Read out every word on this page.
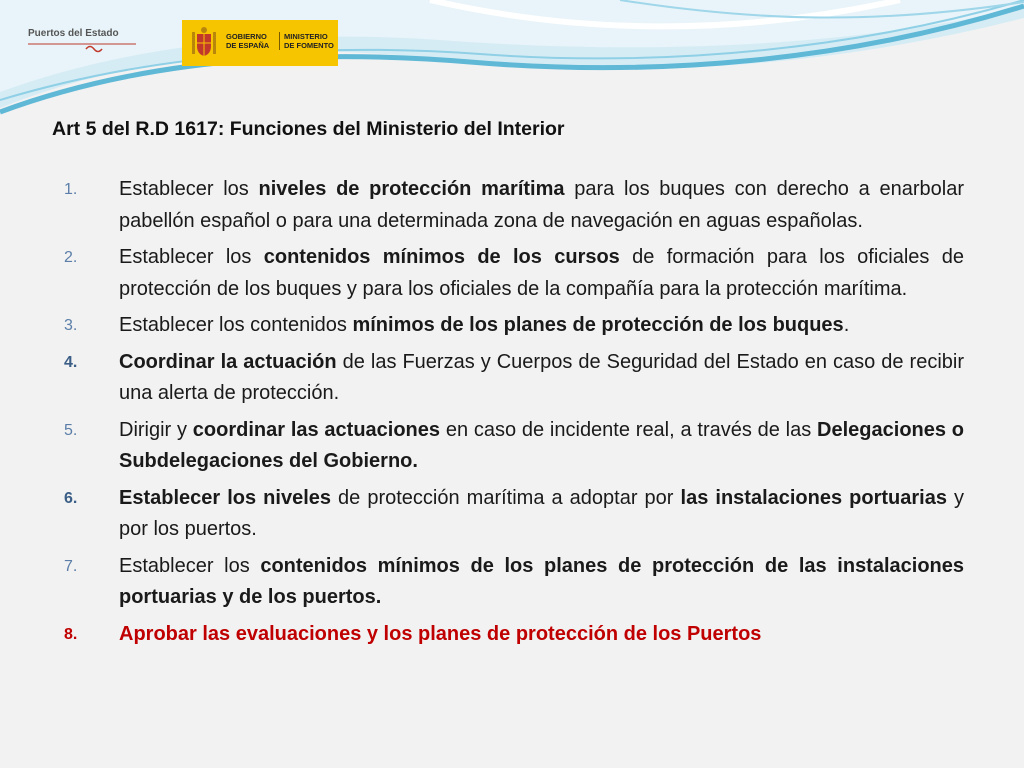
Puertos del Estado	GOBIERNO
DE ESPAÑA
MINISTERIO
DE FOMENTO
Art 5 del R.D 1617: Funciones del Ministerio del Interior
1. Establecer los niveles de protección marítima para los buques con derecho a enarbolar pabellón español o para una determinada zona de navegación en aguas españolas.
2. Establecer los contenidos mínimos de los cursos de formación para los oficiales de protección de los buques y para los oficiales de la compañía para la protección marítima.
3. Establecer los contenidos mínimos de los planes de protección de los buques.
4. Coordinar la actuación de las Fuerzas y Cuerpos de Seguridad del Estado en caso de recibir una alerta de protección.
5. Dirigir y coordinar las actuaciones en caso de incidente real, a través de las Delegaciones o Subdelegaciones del Gobierno.
6. Establecer los niveles de protección marítima a adoptar por las instalaciones portuarias y por los puertos.
7. Establecer los contenidos mínimos de los planes de protección de las instalaciones portuarias y de los puertos.
8. Aprobar las evaluaciones y los planes de protección de los Puertos
